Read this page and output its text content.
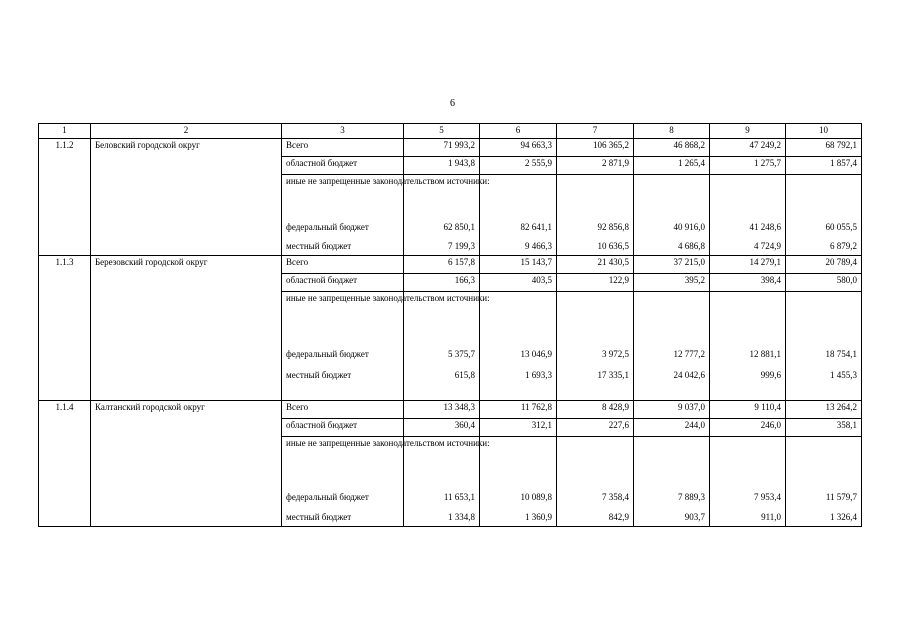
6
1	2	3	5	6	7	8	9	10
1.1.2	Беловский городской округ	Всего	71 993,2	94 663,3	106 365,2	46 868,2	47 249,2	68 792,1
		областной бюджет	1 943,8	2 555,9	2 871,9	1 265,4	1 275,7	1 857,4
		иные не запрещенные законодательством источники:						
		федеральный бюджет	62 850,1	82 641,1	92 856,8	40 916,0	41 248,6	60 055,5
		местный бюджет	7 199,3	9 466,3	10 636,5	4 686,8	4 724,9	6 879,2
1.1.3	Березовский городской округ	Всего	6 157,8	15 143,7	21 430,5	37 215,0	14 279,1	20 789,4
		областной бюджет	166,3	403,5	122,9	395,2	398,4	580,0
		иные не запрещенные законодательством источники:						
		федеральный бюджет	5 375,7	13 046,9	3 972,5	12 777,2	12 881,1	18 754,1
		местный бюджет	615,8	1 693,3	17 335,1	24 042,6	999,6	1 455,3
1.1.4	Калтанский городской округ	Всего	13 348,3	11 762,8	8 428,9	9 037,0	9 110,4	13 264,2
		областной бюджет	360,4	312,1	227,6	244,0	246,0	358,1
		иные не запрещенные законодательством источники:						
		федеральный бюджет	11 653,1	10 089,8	7 358,4	7 889,3	7 953,4	11 579,7
		местный бюджет	1 334,8	1 360,9	842,9	903,7	911,0	1 326,4
